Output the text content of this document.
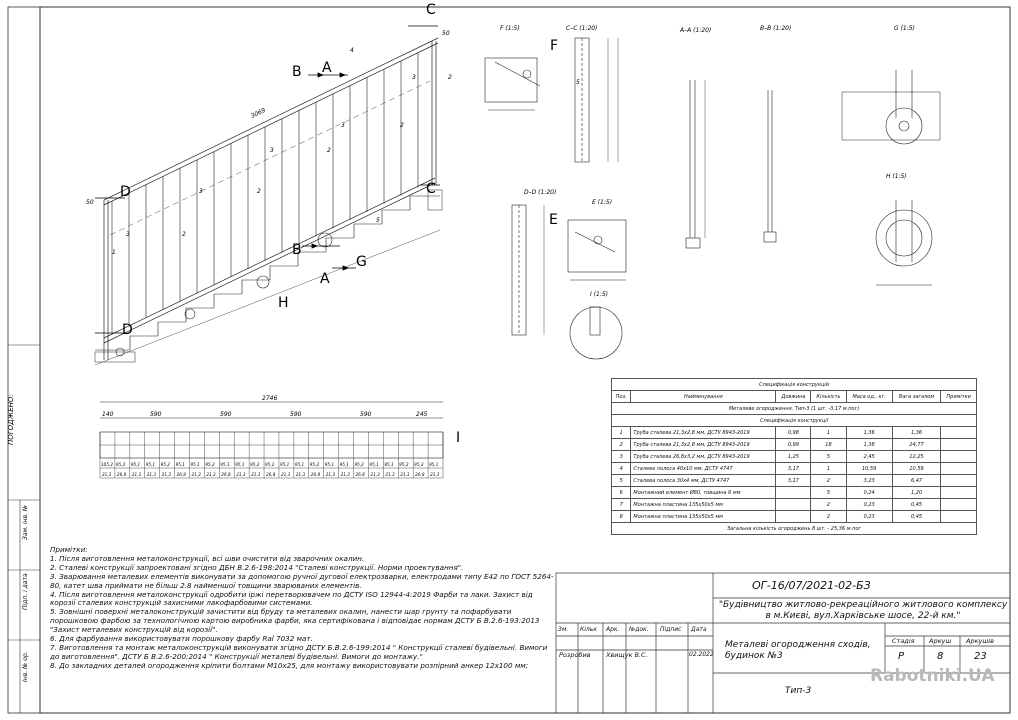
ПОГОДЖЕНО:
Зам. інв. №
Підп. і дата
Інв. № ор.
B A
C
C
D
D
B
A
G
H
3069
50
50
4
2
3
2
3
2
3
2
3
2
3
1
5
105,2 95,2 95,1 95,1 95,2 95,1 95,1 95,2 95,1 95,1 95,2 95,2 95,1 95,1 95,2 95,1 95,1 95,2 95,1 95,1 95,2 95,2 95,1
21,3 26,8 21,3 21,3 21,3 26,8 21,3 21,3 26,8 21,3 21,3 26,8 21,3 21,3 26,8 21,3 21,3 26,8 21,3 21,3 21,3 26,8 21,3
2746
140	590	590	590	590	245
I
F (1:5)	C–C (1:20)	A–A (1:20)	B–B (1:20)	G (1:5)
H (1:5)
D–D (1:20)
E (1:5)
I (1:5)
F
E
5
Специфікація конструкцій						
Поз.	Найменування	Довжина	Кількість	Маса од., кг.	Вага загалом	Примітки
Металеве огородження, Тип-3 (1 шт. -3,17 м.пог)						
Специфікація конструкції						
1	Труба сталева 21,3х2,8 мм, ДСТУ 8943-2019	0,98	1	1,36	1,36	
2	Труба сталева 21,3х2,8 мм, ДСТУ 8943-2019	0,99	18	1,38	24,77	
3	Труба сталева 26,8х3,2 мм, ДСТУ 8943-2019	1,25	5	2,45	12,25	
4	Сталева полоса 40х10 мм, ДСТУ 4747	3,17	1	10,59	10,59	
5	Сталева полоса 30х4 мм, ДСТУ 4747	3,17	2	3,23	6,47	
6	Монтажний елемент Ø80, товщина 6 мм		5	0,24	1,20	
7	Монтажна пластина 135х50х5 мм		2	0,23	0,45	
8	Монтажна пластина 135х50х5 мм		2	0,23	0,45	
Загальна кількість огороджень 8 шт. - 25,36 м.пог						
Примітки:
1. Після виготовлення металоконструкції, всі шви очистити від зварочних окалин.
2. Сталеві конструкції запроектовані згідно ДБН В.2.6-198:2014 "Сталеві конструкції. Норми проектування".
3. Зварювання металевих елементів виконувати за допомогою ручної дугової електрозварки, електродами типу Е42 по ГОСТ 5264-80, катет шва приймати не більш 2.8 найменшої товщини зварюваних елементів.
4. Після виготовлення металоконструкції одробити іржі перетворювачем по ДСТУ ISO 12944-4:2019 Фарби та лаки. Захист від корозії сталевих конструкцій захисними лакофарбовими системами.
5. Зовнішні поверхні металоконструкцій зачистити від бруду та металевих окалин, нанести шар грунту та пофарбувати порошковою фарбою за технологічною картою виробника фарби, яка сертифікована і відповідає нормам ДСТУ Б В.2.6-193:2013 "Захист металевих конструкцій від корозії".
6. Для фарбування використовувати порошкову фарбу Ral 7032 мат.
7. Виготовлення та монтаж металоконструкцій виконувати згідно ДСТУ Б.В.2.6-199:2014 " Конструкції сталеві будівельні. Вимоги до виготовлення". ДСТУ Б В.2.6-200:2014 " Конструкції металеві будівельні. Вимоги до монтажу."
8. До закладних деталей огородження кріпити болтами М10х25, для монтажу використовувати розпірний анкер 12х100 мм;
ОГ-16/07/2021-02-БЗ
"Будівництво житлово-рекреаційного житлового комплексу в м.Києві, вул.Харківське шосе, 22-й км."
Зм. Кільк Арк. №док. Підпис Дата
Розробив Хвищук В.С.	02.2022
Металеві огородження сходів, будинок №3
Тип-3
Стадія Аркуш Аркушів
Р	8	23
Rabotniki.UA
